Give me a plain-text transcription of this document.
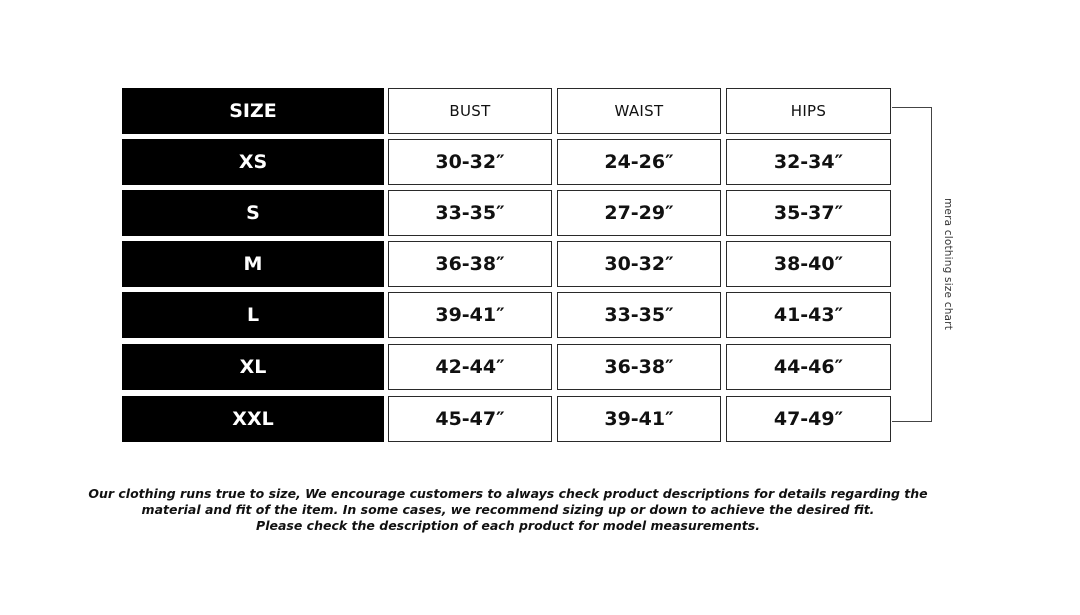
SIZE	BUST	WAIST	HIPS
XS	30-32″	24-26″	32-34″
S	33-35″	27-29″	35-37″
M	36-38″	30-32″	38-40″
L	39-41″	33-35″	41-43″
XL	42-44″	36-38″	44-46″
XXL	45-47″	39-41″	47-49″
mera clothing size chart
Our clothing runs true to size, We encourage customers to always check product descriptions for details regarding the
material and fit of the item. In some cases, we recommend sizing up or down to achieve the desired fit.
Please check the description of each product for model measurements.
